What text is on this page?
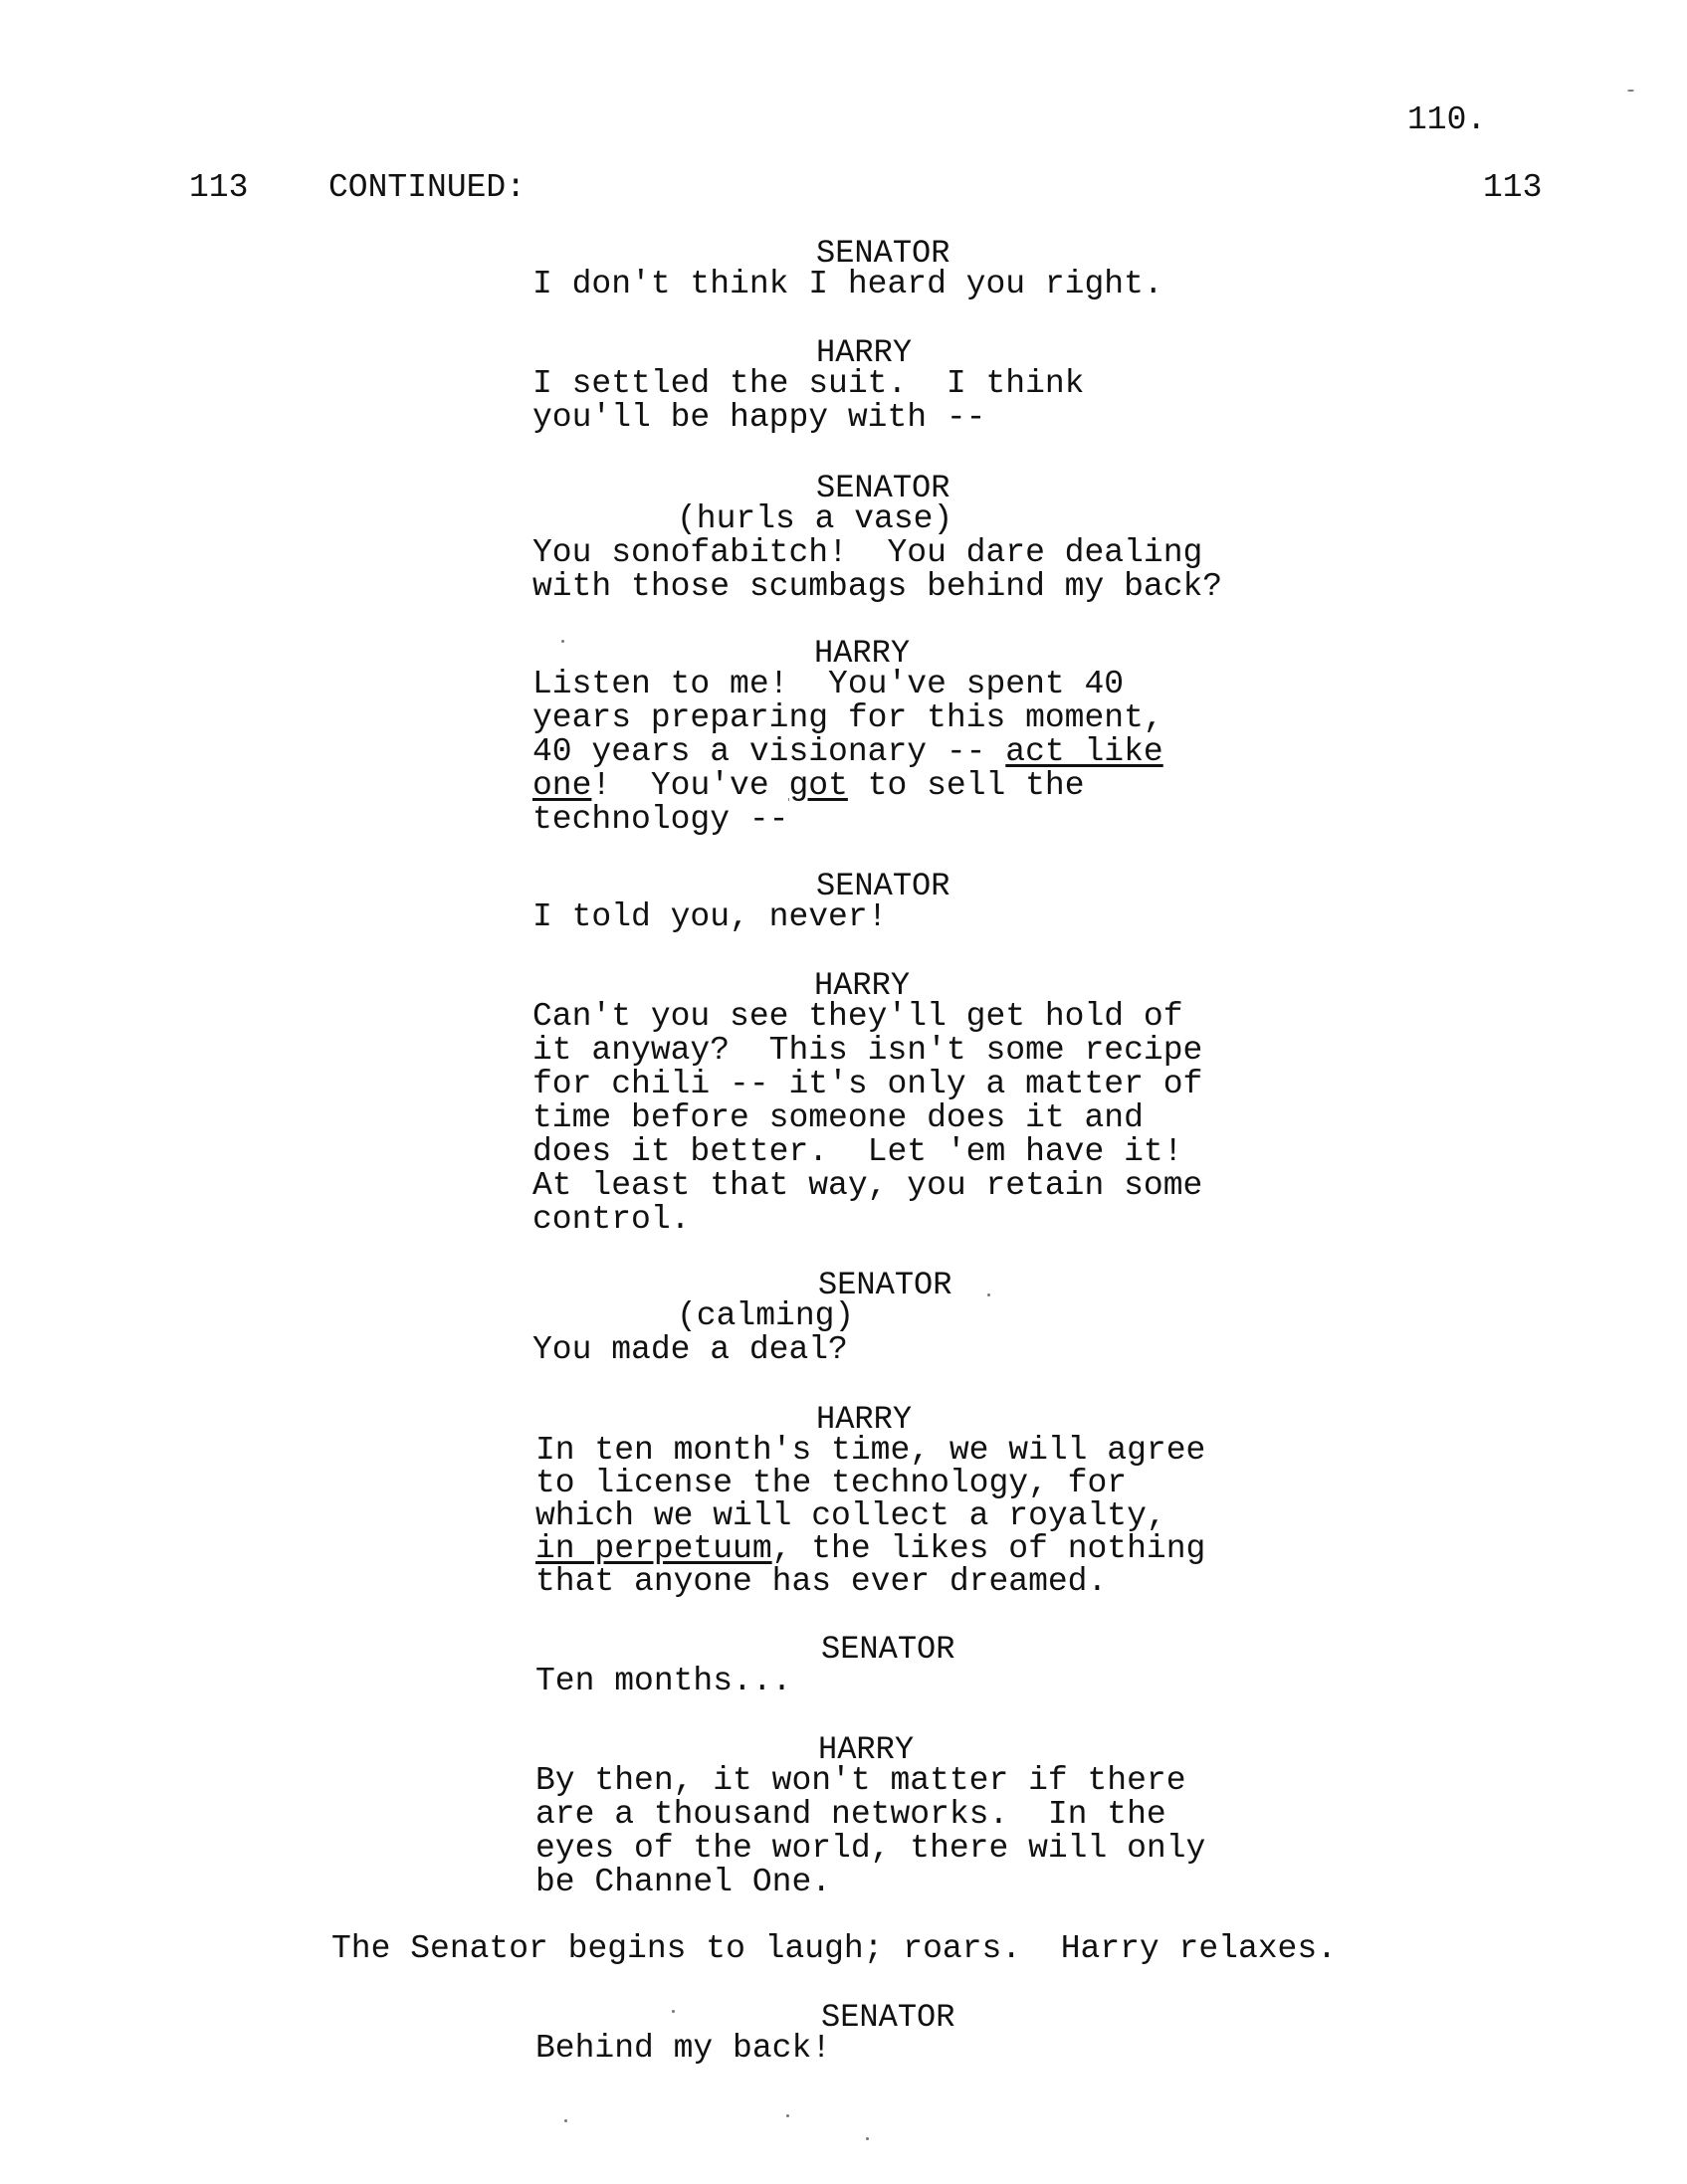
110.
113 CONTINUED:	113
SENATOR
I don't think I heard you right.
HARRY
I settled the suit.  I think
you'll be happy with --
SENATOR
(hurls a vase)
You sonofabitch!  You dare dealing
with those scumbags behind my back?
HARRY
Listen to me!  You've spent 40
years preparing for this moment,
40 years a visionary -- act like
one!  You've got to sell the
technology --
SENATOR
I told you, never!
HARRY
Can't you see they'll get hold of
it anyway?  This isn't some recipe
for chili -- it's only a matter of
time before someone does it and
does it better.  Let 'em have it!
At least that way, you retain some
control.
SENATOR
(calming)
You made a deal?
HARRY
In ten month's time, we will agree
to license the technology, for
which we will collect a royalty,
in perpetuum, the likes of nothing
that anyone has ever dreamed.
SENATOR
Ten months...
HARRY
By then, it won't matter if there
are a thousand networks.  In the
eyes of the world, there will only
be Channel One.
The Senator begins to laugh; roars.  Harry relaxes.
SENATOR
Behind my back!
